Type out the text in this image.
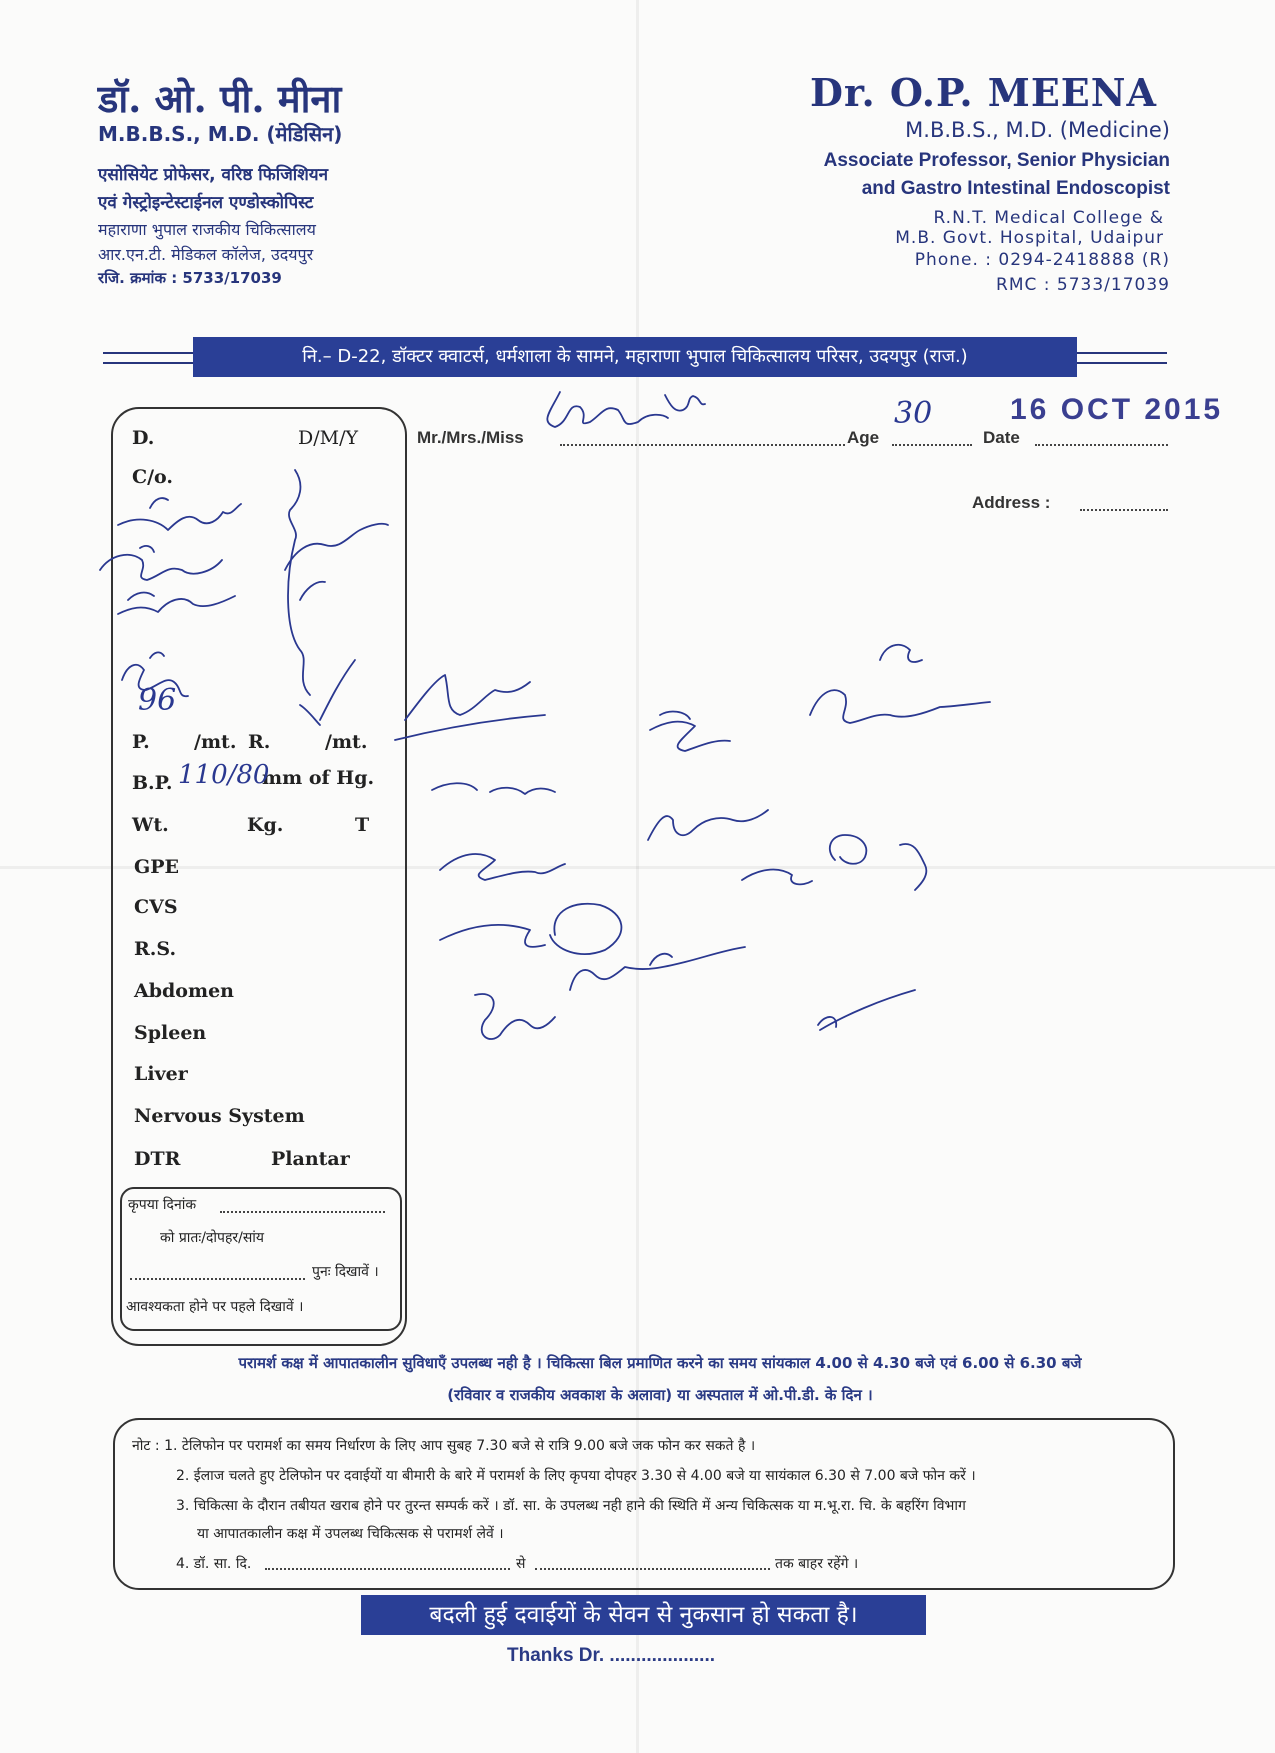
डॉ. ओ. पी. मीना
M.B.B.S., M.D. (मेडिसिन)
एसोसियेट प्रोफेसर, वरिष्ठ फिजिशियन
एवं गेस्ट्रोइन्टेस्टाईनल एण्डोस्कोपिस्ट
महाराणा भुपाल राजकीय चिकित्सालय
आर.एन.टी. मेडिकल कॉलेज, उदयपुर
रजि. क्रमांक : 5733/17039
Dr. O.P. MEENA
M.B.B.S., M.D. (Medicine)
Associate Professor, Senior Physician
and Gastro Intestinal Endoscopist
R.N.T. Medical College &
M.B. Govt. Hospital, Udaipur
Phone. : 0294-2418888 (R)
RMC : 5733/17039
नि.– D-22, डॉक्टर क्वाटर्स, धर्मशाला के सामने, महाराणा भुपाल चिकित्सालय परिसर, उदयपुर (राज.)
D.	D/M/Y
C/o.
P. /mt. R.	/mt.
B.P.	mm of Hg.
Wt.	Kg.	T
GPE
CVS
R.S.
Abdomen
Spleen
Liver
Nervous System
DTR	Plantar
कृपया दिनांक
को प्रातः/दोपहर/सांय
पुनः दिखावें ।
आवश्यकता होने पर पहले दिखावें ।
Mr./Mrs./Miss	Age	Date
Address :
30	16 OCT 2015
110/80
96
परामर्श कक्ष में आपातकालीन सुविधाएँ उपलब्ध नही है । चिकित्सा बिल प्रमाणित करने का समय सांयकाल 4.00 से 4.30 बजे एवं 6.00 से 6.30 बजे
(रविवार व राजकीय अवकाश के अलावा) या अस्पताल में ओ.पी.डी. के दिन ।
नोट : 1. टेलिफोन पर परामर्श का समय निर्धारण के लिए आप सुबह 7.30 बजे से रात्रि 9.00 बजे जक फोन कर सकते है ।
2. ईलाज चलते हुए टेलिफोन पर दवाईयों या बीमारी के बारे में परामर्श के लिए कृपया दोपहर 3.30 से 4.00 बजे या सायंकाल 6.30 से 7.00 बजे फोन करें ।
3. चिकित्सा के दौरान तबीयत खराब होने पर तुरन्त सम्पर्क करें । डॉ. सा. के उपलब्ध नही हाने की स्थिति में अन्य चिकित्सक या म.भू.रा. चि. के बहरिंग विभाग
या आपातकालीन कक्ष में उपलब्ध चिकित्सक से परामर्श लेवें ।
4. डॉ. सा. दि.	से	तक बाहर रहेंगे ।
बदली हुई दवाईयों के सेवन से नुकसान हो सकता है।
Thanks Dr. ....................
